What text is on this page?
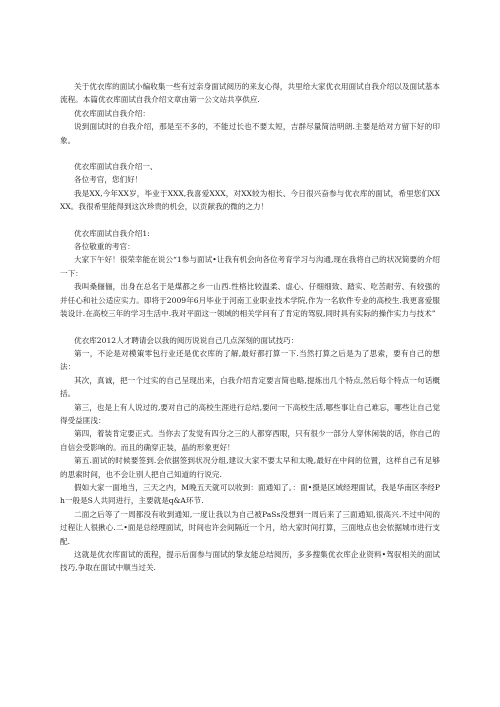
关于优衣库的面试小编收集一些有过亲身面试阅历的来友心得，共里给大家优衣用面试自我介绍以及面试基本流程。本篇优衣库面试自我介绍文章由第一公文站共享供应.

优衣库面试自我介绍：

说到面试时的自我介绍，那是至不多的，不能过长也不要太短，吉群尽量简洁明朗.主要是给对方留下好的印象。

优衣库面试自我介绍一、

各位考官，您们好！

我是XX,今年XX岁，毕业于XXX,我喜爱XXX，对XX较为相长、今日很兴奋参与优衣库的面试，希里您们XXXX。我很希里能得到这次珍贵的机会，以贡献我的微的之力！

优衣库面试自我介绍1:

各位敬重的考官：

大家下午好！很荣幸能在说公“1参与面试•让我有机会向各位考育学习与沟通,现在我将自己的状况简要的介绍一下：

我叫桑俪俪，出身在总名于是煤都之乡一山西.性格比较温柔、虚心、仔细细致、踏实、吃苦耐劳、有较强的并任心和社公适应实力。即将于2009年6月毕业于河南工业职业技术学院,作为一名软件专业的高校生.我更喜爱服装设计.在高校三年的学习生活中.我对平面这一领域的相关学问有了肯定的驾驭,同时具有实际的操作实力与技术”

优衣库2012人才聘请会以我的阅历说说自己几点深刻的面试技巧：

第一，不论是对模策零包行业还是优衣库的了解,最好都打算一下.当然打算之后是为了思索，要有自己的想法：

其次，真诚，把一个过实的自己呈现出来，白我介绍肯定要言简也略,提炼出几个特点,然后每个特点一句话概括。

第三，也是上有人说过的,要对自己的高校生涯进行总结,要问一下高校生活,哪些事让自己难忘，哪些让自己觉得受益匪浅：

第四，着装肯定要正式。当你去了发觉有四分之三的人都穿西眼，只有很少一部分人穿休闲装的话，你自己的自信会受影响的。而且的确穿正装，晶的形象更好！

第五.面试的时候要签到.会依据签到状况分组,建议大家不要太早和太晚,最好在中间的位置，这样自己有足够的思索时间，也不会让别人把自己知道的行说完.

假如大家一面地当，三天之内，M晚五天就可以收到：面通知了。：面•摄是区域经理面试，我是华南区李经Ph一般是S人共同进行，主要就是q&A环节.

二面之后等了一周都没有收到通知,一度让我以为自己被PaSs没想到一周后来了三面通知,很高兴.不过中间的过程让人很揪心.二•面是总经理面试，时间也许会间隔近一个月，给大家时间打算，三面地点也会依据城市进行支配.

这就是优衣库面试的流程，提示后面参与面试的挚友能总结阅历，多多搜集优衣库企业资料•驾驭相关的面试技巧,争取在面试中顺当过关.
